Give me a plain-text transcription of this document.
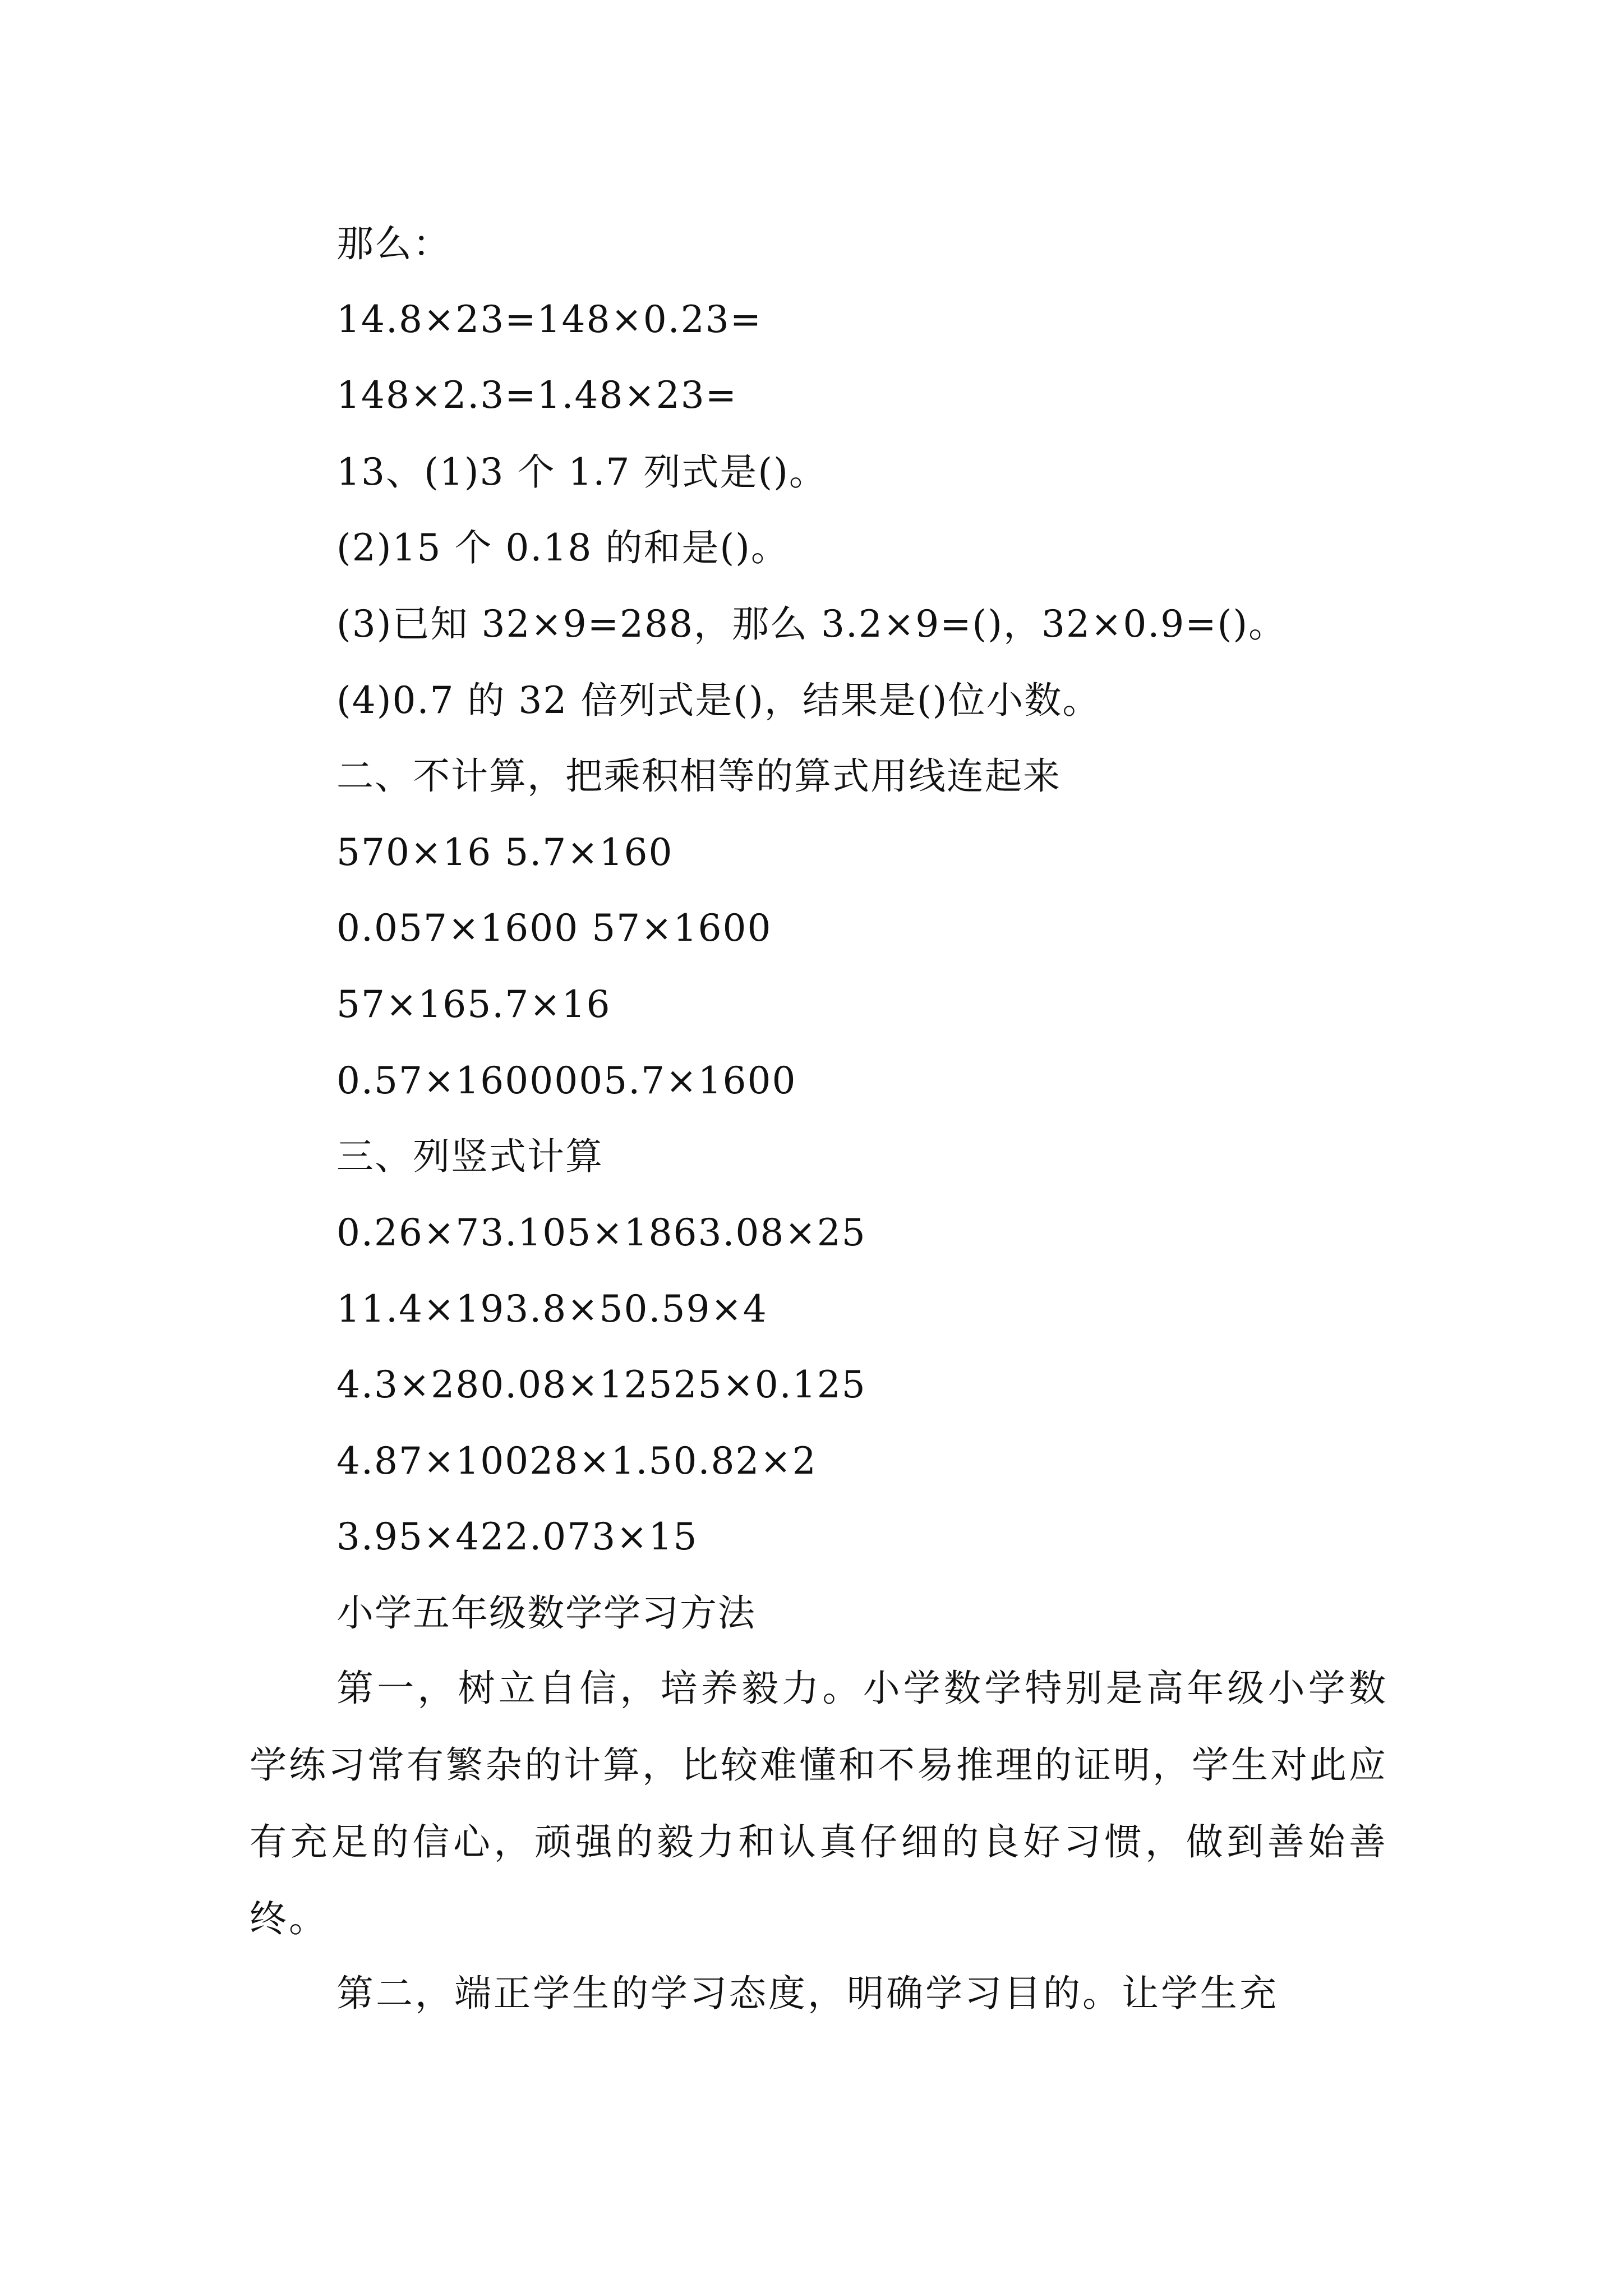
那么：
14.8×23=148×0.23=
148×2.3=1.48×23=
13、(1)3 个 1.7 列式是()。
(2)15 个 0.18 的和是()。
(3)已知 32×9=288，那么 3.2×9=()，32×0.9=()。
(4)0.7 的 32 倍列式是()，结果是()位小数。
二、不计算，把乘积相等的算式用线连起来
570×16 5.7×160
0.057×1600 57×1600
57×165.7×16
0.57×1600005.7×1600
三、列竖式计算
0.26×73.105×1863.08×25
11.4×193.8×50.59×4
4.3×280.08×12525×0.125
4.87×10028×1.50.82×2
3.95×422.073×15
小学五年级数学学习方法

第一，树立自信，培养毅力。小学数学特别是高年级小学数学练习常有繁杂的计算，比较难懂和不易推理的证明，学生对此应有充足的信心，顽强的毅力和认真仔细的良好习惯，做到善始善终。

第二，端正学生的学习态度，明确学习目的。让学生充
